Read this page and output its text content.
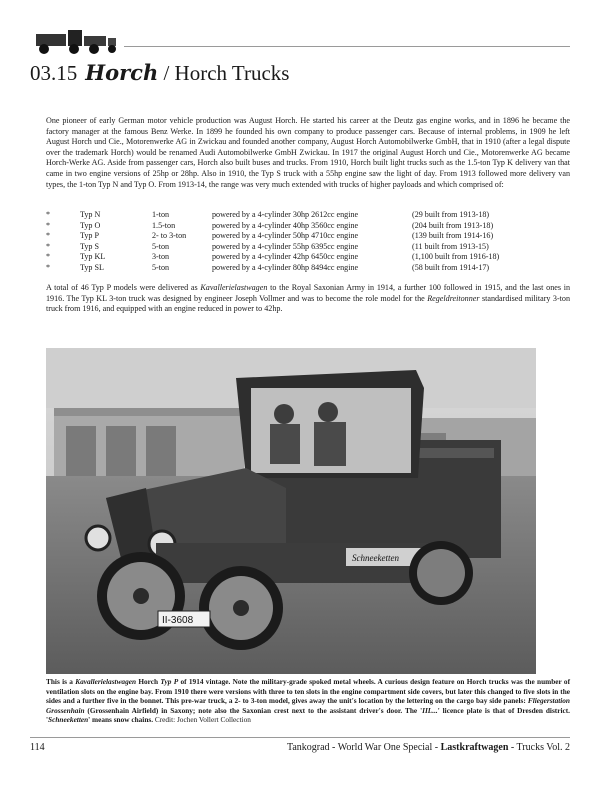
03.15 Horch / Horch Trucks

One pioneer of early German motor vehicle production was August Horch. He started his career at the Deutz gas engine works, and in 1896 he became the factory manager at the famous Benz Werke. In 1899 he founded his own company to produce passenger cars. Because of internal problems, in 1909 he left August Horch und Cie., Motorenwerke AG in Zwickau and founded another company, August Horch Automobilwerke GmbH, that in 1910 (after a legal dispute over the trademark Horch) would be renamed Audi Automobilwerke GmbH Zwickau. In 1917 the original August Horch und Cie., Motorenwerke AG became Horch-Werke AG. Aside from passenger cars, Horch also built buses and trucks. From 1910, Horch built light trucks such as the 1.5-ton Typ K delivery van that came in two engine versions of 25hp or 28hp. Also in 1910, the Typ S truck with a 55hp engine saw the light of day. From 1913 followed more delivery van types, the 1-ton Typ N and Typ O. From 1913-14, the range was very much extended with trucks of higher payloads and which comprised of:

*	Typ N	1-ton	powered by a 4-cylinder 30hp 2612cc engine	(29 built from 1913-18)
*	Typ O	1.5-ton	powered by a 4-cylinder 40hp 3560cc engine	(204 built from 1913-18)
*	Typ P	2- to 3-ton	powered by a 4-cylinder 50hp 4710cc engine	(139 built from 1914-16)
*	Typ S	5-ton	powered by a 4-cylinder 55hp 6395cc engine	(11 built from 1913-15)
*	Typ KL	3-ton	powered by a 4-cylinder 42hp 6450cc engine	(1,100 built from 1916-18)
*	Typ SL	5-ton	powered by a 4-cylinder 80hp 8494cc engine	(58 built from 1914-17)

A total of 46 Typ P models were delivered as Kavallerielastwagen to the Royal Saxonian Army in 1914, a further 100 followed in 1915, and the last ones in 1916. The Typ KL 3-ton truck was designed by engineer Joseph Vollmer and was to become the role model for the Regeldreitonner standardised military 3-ton truck from 1916, and equipped with an engine reduced in power to 42hp.

Schneeketten
II-3608

This is a Kavallerielastwagen Horch Typ P of 1914 vintage. Note the military-grade spoked metal wheels. A curious design feature on Horch trucks was the number of ventilation slots on the engine bay. From 1910 there were versions with three to ten slots in the engine compartment side covers, but later this changed to five slots in the sides and a further five in the bonnet. This pre-war truck, a 2- to 3-ton model, gives away the unit's location by the lettering on the cargo bay side panels: Fliegerstation Grossenhain (Grossenhain Airfield) in Saxony; note also the Saxonian crest next to the assistant driver's door. The 'IIL...' licence plate is that of Dresden district. 'Schneeketten' means snow chains. Credit: Jochen Vollert Collection

114	Tankograd - World War One Special - Lastkraftwagen - Trucks Vol. 2
